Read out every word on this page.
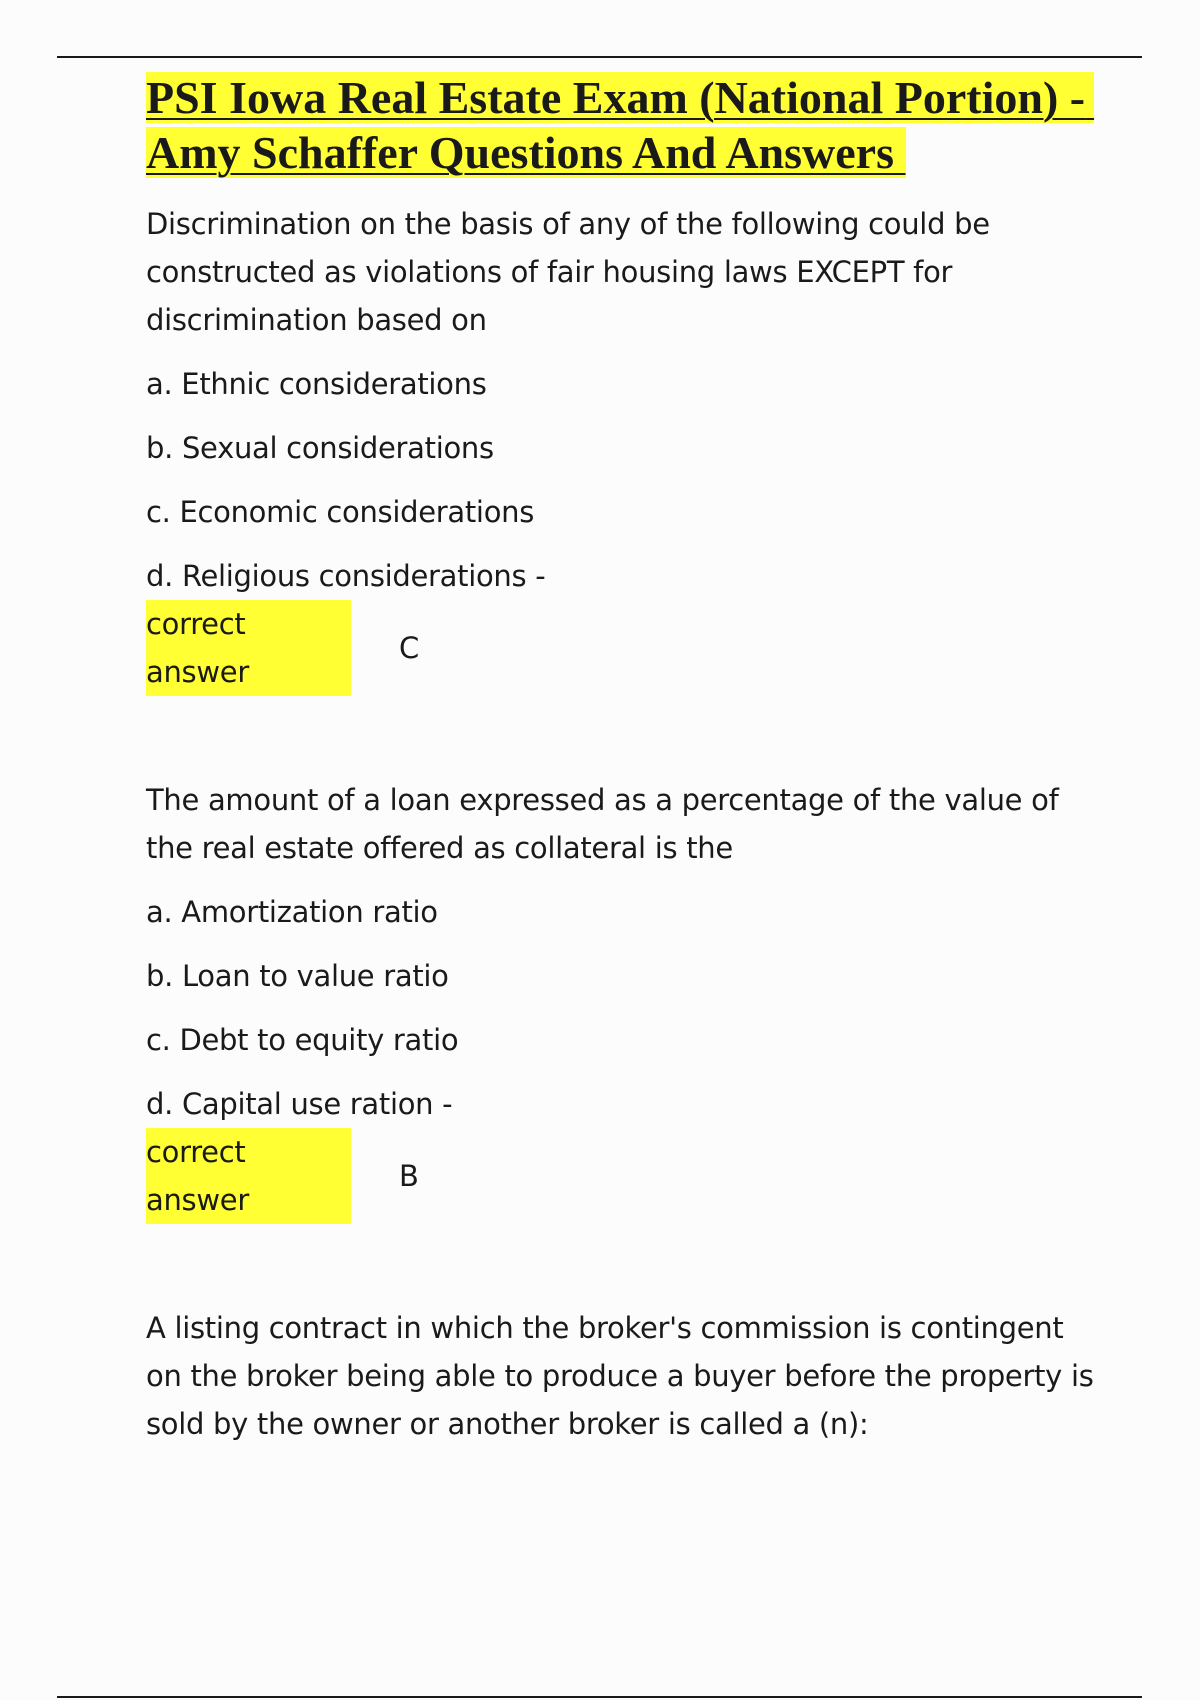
PSI Iowa Real Estate Exam (National Portion) - Amy Schaffer Questions And Answers

Discrimination on the basis of any of the following could be constructed as violations of fair housing laws EXCEPT for discrimination based on

a. Ethnic considerations

b. Sexual considerations

c. Economic considerations

d. Religious considerations -

correct answer
C

The amount of a loan expressed as a percentage of the value of the real estate offered as collateral is the

a. Amortization ratio

b. Loan to value ratio

c. Debt to equity ratio

d. Capital use ration -

correct answer
B

A listing contract in which the broker's commission is contingent on the broker being able to produce a buyer before the property is sold by the owner or another broker is called a (n):
